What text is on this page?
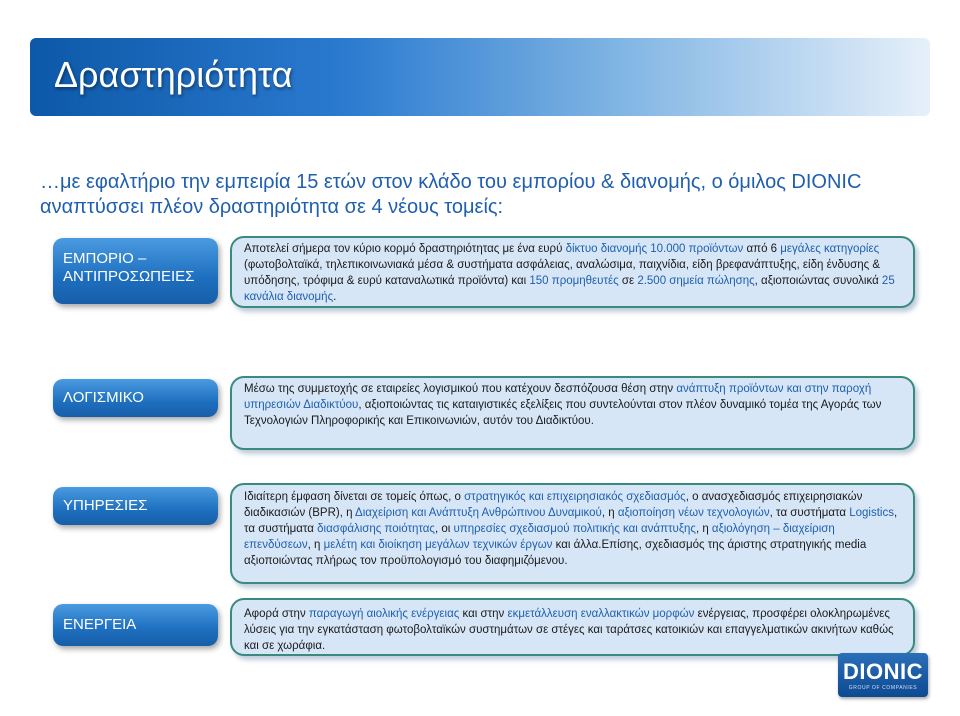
Δραστηριότητα
…με εφαλτήριο την εμπειρία 15 ετών στον κλάδο του εμπορίου & διανομής, ο όμιλος DIONIC αναπτύσσει πλέον δραστηριότητα σε 4 νέους τομείς:
ΕΜΠΟΡΙΟ – ΑΝΤΙΠΡΟΣΩΠΕΙΕΣ
Αποτελεί σήμερα τον κύριο κορμό δραστηριότητας με ένα ευρύ δίκτυο διανομής 10.000 προϊόντων από 6 μεγάλες κατηγορίες (φωτοβολταϊκά, τηλεπικοινωνιακά μέσα & συστήματα ασφάλειας, αναλώσιμα, παιχνίδια, είδη βρεφανάπτυξης, είδη ένδυσης & υπόδησης, τρόφιμα & ευρύ καταναλωτικά προϊόντα) και 150 προμηθευτές σε 2.500 σημεία πώλησης, αξιοποιώντας συνολικά 25 κανάλια διανομής.
ΛΟΓΙΣΜΙΚΟ	Μέσω της συμμετοχής σε εταιρείες λογισμικού που κατέχουν δεσπόζουσα θέση στην ανάπτυξη προϊόντων και στην παροχή υπηρεσιών Διαδικτύου, αξιοποιώντας τις καταιγιστικές εξελίξεις που συντελούνται στον πλέον δυναμικό τομέα της Αγοράς των Τεχνολογιών Πληροφορικής και Επικοινωνιών, αυτόν του Διαδικτύου.
ΥΠΗΡΕΣΙΕΣ	Ιδιαίτερη έμφαση δίνεται σε τομείς όπως, ο στρατηγικός και επιχειρησιακός σχεδιασμός, ο ανασχεδιασμός επιχειρησιακών διαδικασιών (BPR), η Διαχείριση και Ανάπτυξη Ανθρώπινου Δυναμικού, η αξιοποίηση νέων τεχνολογιών, τα συστήματα Logistics, τα συστήματα διασφάλισης ποιότητας, οι υπηρεσίες σχεδιασμού πολιτικής και ανάπτυξης, η αξιολόγηση – διαχείριση επενδύσεων, η μελέτη και διοίκηση μεγάλων τεχνικών έργων και άλλα.Επίσης, σχεδιασμός της άριστης στρατηγικής media αξιοποιώντας πλήρως τον προϋπολογισμό του διαφημιζόμενου.
ΕΝΕΡΓΕΙΑ
Αφορά στην παραγωγή αιολικής ενέργειας και στην εκμετάλλευση εναλλακτικών μορφών ενέργειας, προσφέρει ολοκληρωμένες λύσεις για την εγκατάσταση φωτοβολταϊκών συστημάτων σε στέγες και ταράτσες κατοικιών και επαγγελματικών ακινήτων καθώς και σε χωράφια.
DIONIC
GROUP OF COMPANIES
